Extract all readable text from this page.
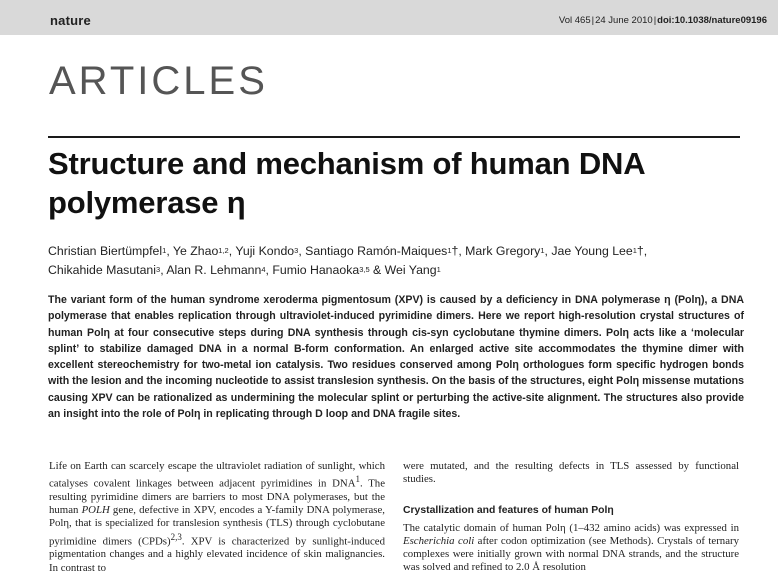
nature	Vol 465|24 June 2010|doi:10.1038/nature09196
ARTICLES
Structure and mechanism of human DNA
polymerase η
Christian Biertümpfel$^1$, Ye Zhao$^{1,2}$, Yuji Kondo$^3$, Santiago Ramón-Maiques$^1$†, Mark Gregory$^1$, Jae Young Lee$^1$†,
Chikahide Masutani$^3$, Alan R. Lehmann$^4$, Fumio Hanaoka$^{3,5}$ & Wei Yang$^1$

The variant form of the human syndrome xeroderma pigmentosum (XPV) is caused by a deficiency in DNA polymerase η (Polη), a DNA polymerase that enables replication through ultraviolet-induced pyrimidine dimers. Here we report high-resolution crystal structures of human Polη at four consecutive steps during DNA synthesis through cis-syn cyclobutane thymine dimers. Polη acts like a ‘molecular splint’ to stabilize damaged DNA in a normal B-form conformation. An enlarged active site accommodates the thymine dimer with excellent stereochemistry for two-metal ion catalysis. Two residues conserved among Polη orthologues form specific hydrogen bonds with the lesion and the incoming nucleotide to assist translesion synthesis. On the basis of the structures, eight Polη missense mutations causing XPV can be rationalized as undermining the molecular splint or perturbing the active-site alignment. The structures also provide an insight into the role of Polη in replicating through D loop and DNA fragile sites.

Life on Earth can scarcely escape the ultraviolet radiation of sunlight, which catalyses covalent linkages between adjacent pyrimidines in DNA$^1$. The resulting pyrimidine dimers are barriers to most DNA polymerases, but the human POLH gene, defective in XPV, encodes a Y-family DNA polymerase, Polη, that is specialized for translesion synthesis (TLS) through cyclobutane pyrimidine dimers (CPDs)$^{2,3}$. XPV is characterized by sunlight-induced pigmentation changes and a highly elevated incidence of skin malignancies. In contrast to

were mutated, and the resulting defects in TLS assessed by functional studies.

Crystallization and features of human Polη

The catalytic domain of human Polη (1–432 amino acids) was expressed in Escherichia coli after codon optimization (see Methods). Crystals of ternary complexes were initially grown with normal DNA strands, and the structure was solved and refined to 2.0 Å resolution
